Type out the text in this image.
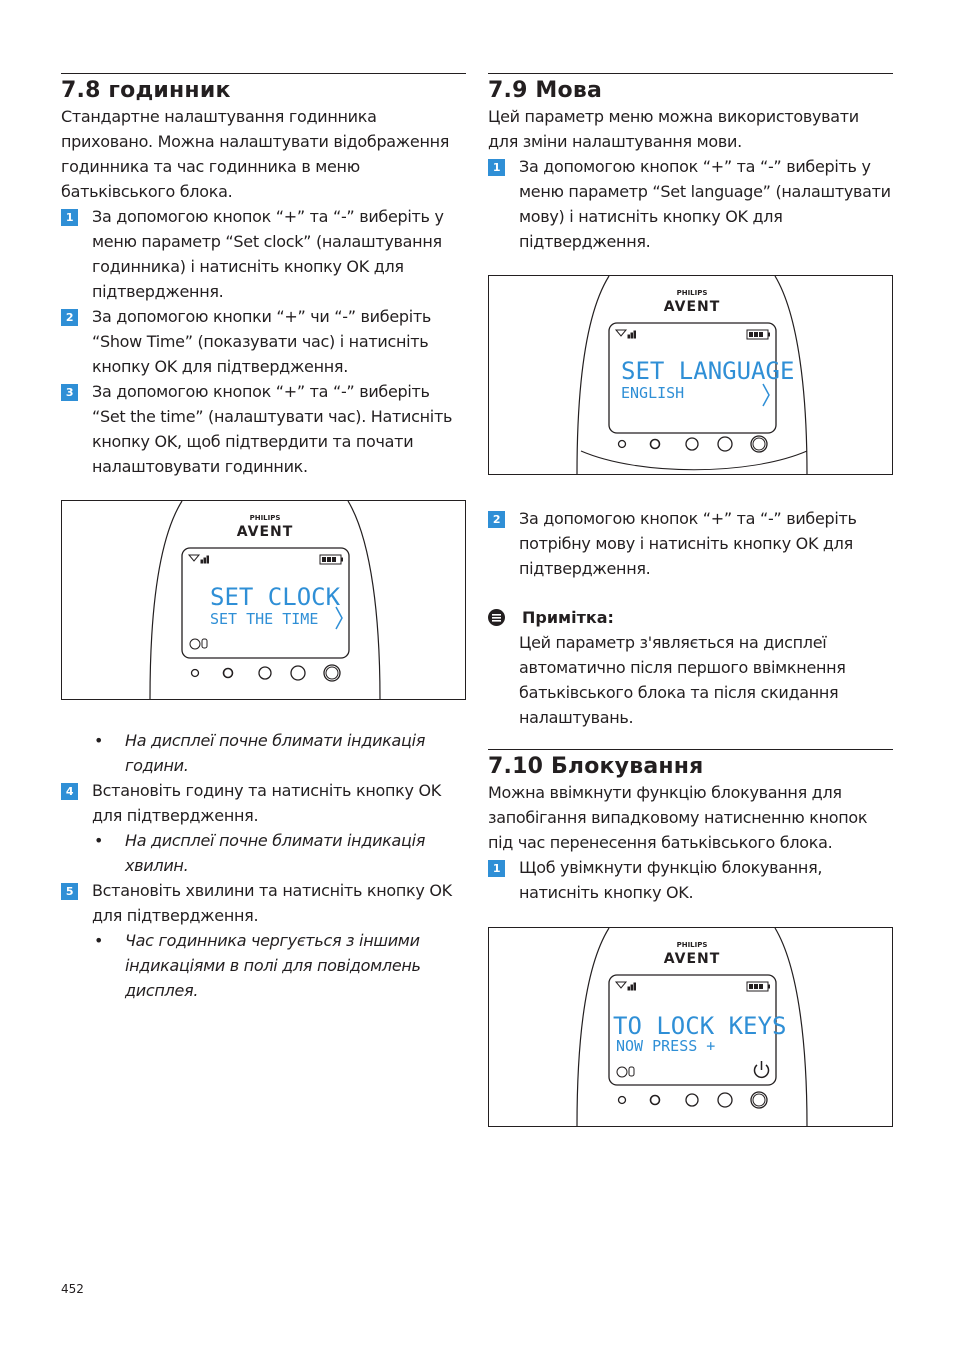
7.8 годинник

Стандартне налаштування годинника приховано. Можна налаштувати відображення годинника та час годинника в меню батьківського блока.

1	За допомогою кнопок “+” та “-” виберіть у меню параметр “Set clock” (налаштування годинника) і натисніть кнопку OK для підтвердження.
2	За допомогою кнопки “+” чи “-” виберіть “Show Time” (показувати час) і натисніть кнопку OK для підтвердження.
3	За допомогою кнопок “+” та “-” виберіть “Set the time” (налаштувати час). Натисніть кнопку OK, щоб підтвердити та почати налаштовувати годинник.
PHILIPS
AVENT
SET CLOCK
SET THE TIME
• На дисплеї почне блимати індикація години.
4	Встановіть годину та натисніть кнопку OK для підтвердження.
• На дисплеї почне блимати індикація хвилин.
5	Встановіть хвилини та натисніть кнопку OK для підтвердження.
• Час годинника чергується з іншими індикаціями в полі для повідомлень дисплея.
7.9 Мова

Цей параметр меню можна використовувати для зміни налаштування мови.

1	За допомогою кнопок “+” та “-” виберіть у меню параметр “Set language” (налаштувати мову) і натисніть кнопку OK для підтвердження.
PHILIPS
AVENT
SET LANGUAGE
ENGLISH
2	За допомогою кнопок “+” та “-” виберіть потрібну мову і натисніть кнопку OK для підтвердження.
Примітка:
Цей параметр з'являється на дисплеї автоматично після першого ввімкнення батьківського блока та після скидання налаштувань.
7.10 Блокування

Можна ввімкнути функцію блокування для запобігання випадковому натисненню кнопок під час перенесення батьківського блока.

1	Щоб увімкнути функцію блокування, натисніть кнопку OK.
PHILIPS
AVENT
TO LOCK KEYS
NOW PRESS +
452
